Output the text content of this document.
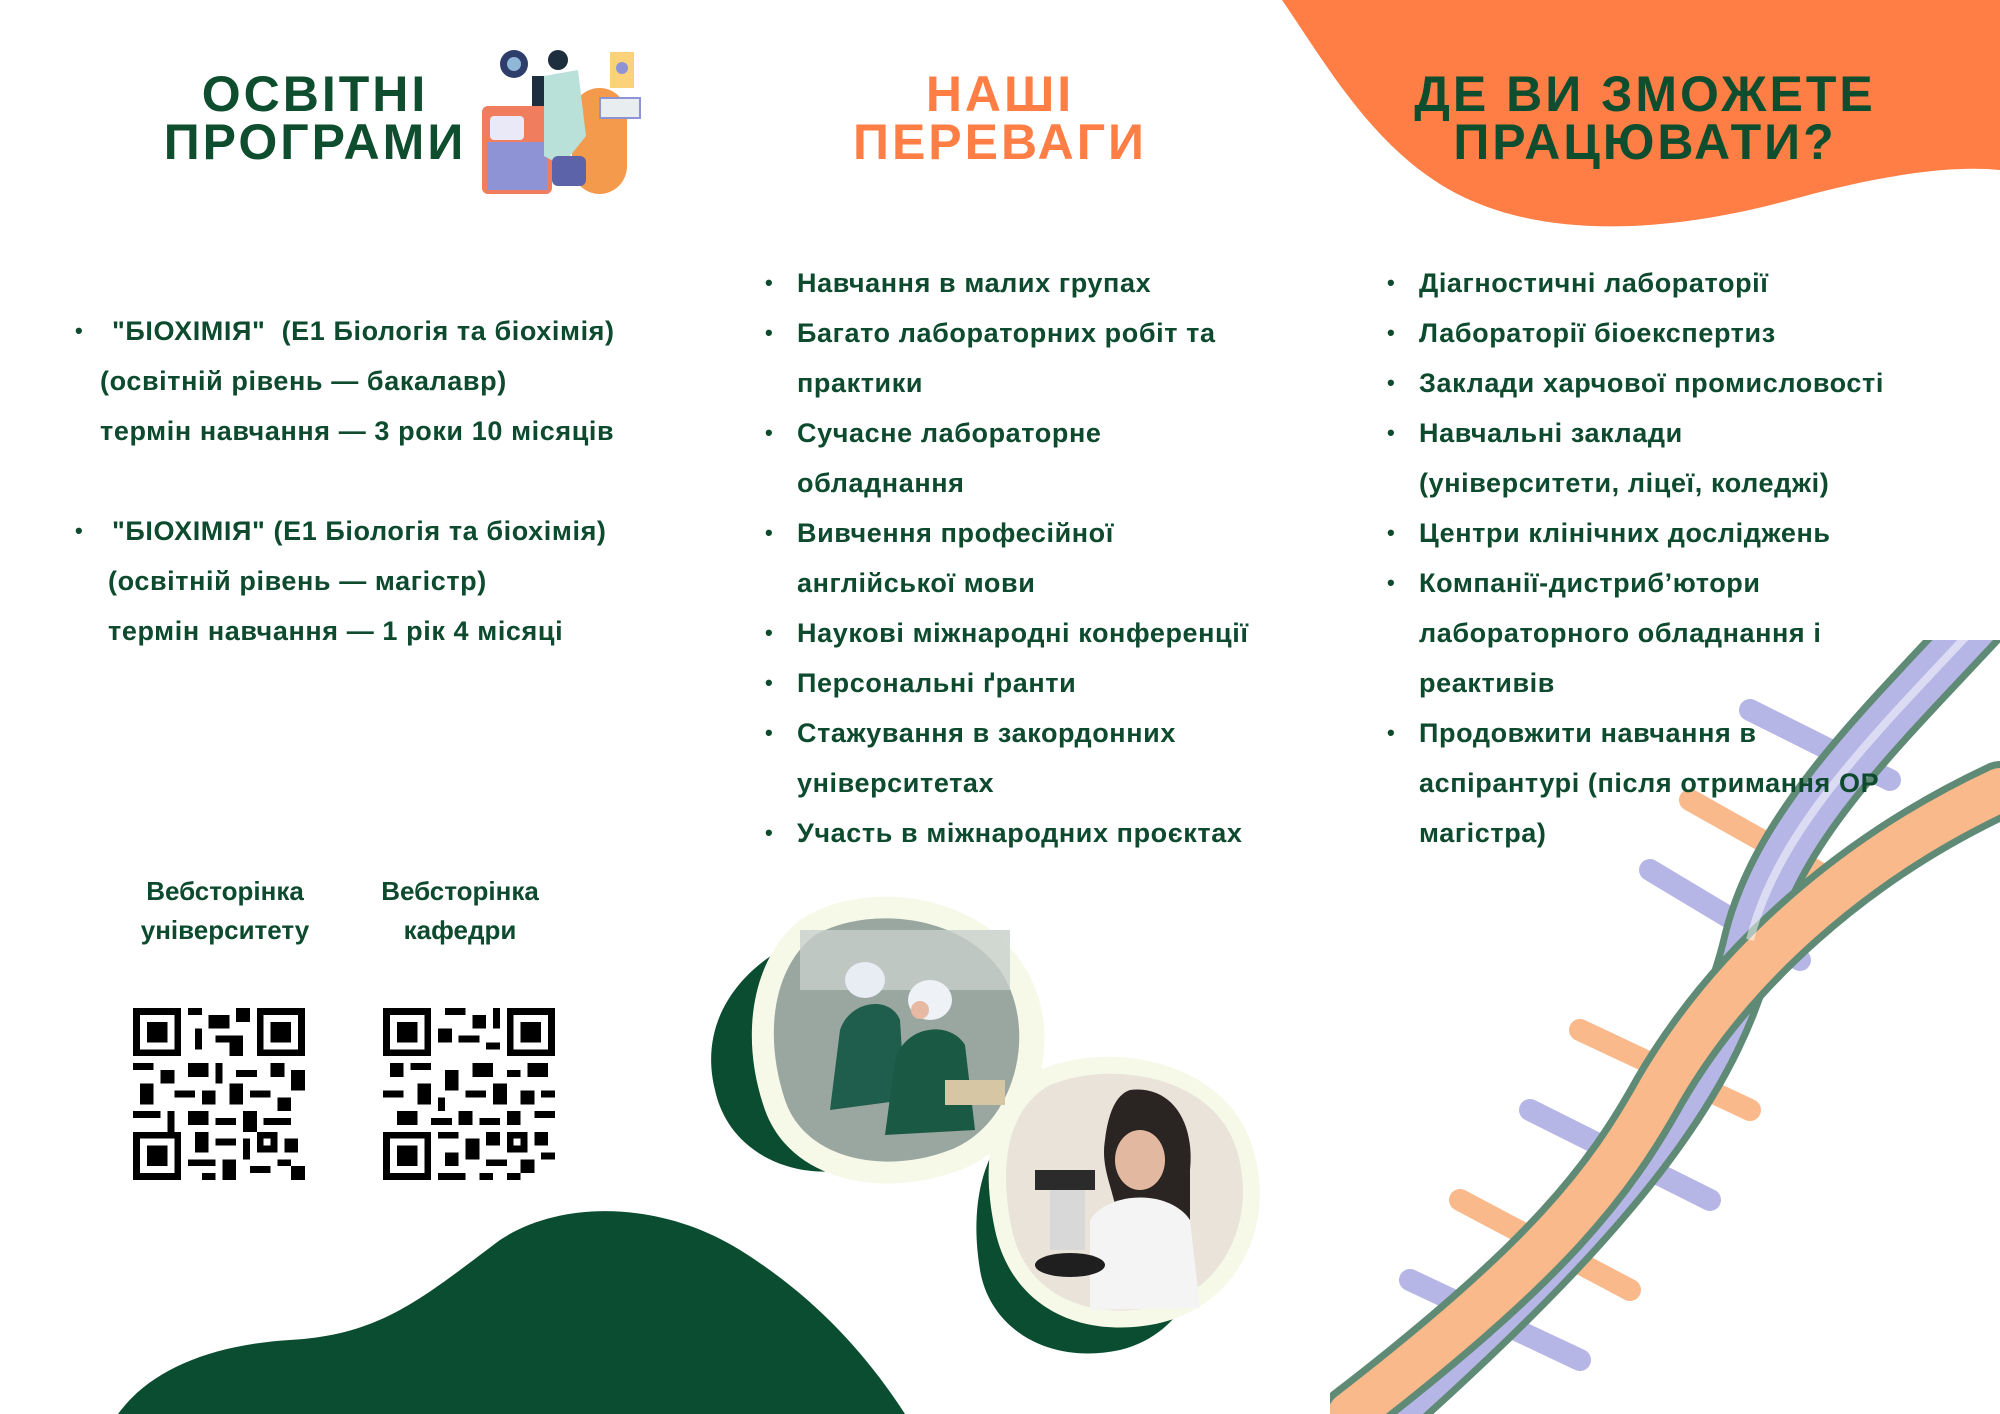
ОСВІТНІ
ПРОГРАМИ
•	"БІОХІМІЯ"  (Е1 Біологія та біохімія)
(освітній рівень — бакалавр)
термін навчання — 3 роки 10 місяців
•	"БІОХІМІЯ" (Е1 Біологія та біохімія)
(освітній рівень — магістр)
термін навчання — 1 рік 4 місяці
Вебсторінка
університету
Вебсторінка
кафедри
НАШІ
ПЕРЕВАГИ
• Навчання в малих групах
• Багато лабораторних робіт та
практики
• Сучасне лабораторне
обладнання
• Вивчення професійної
англійської мови
• Наукові міжнародні конференції
• Персональні ґранти
• Стажування в закордонних
університетах
• Участь в міжнародних проєктах
ДЕ ВИ ЗМОЖЕТЕ
ПРАЦЮВАТИ?
• Діагностичні лабораторії
• Лабораторії біоекспертиз
• Заклади харчової промисловості
• Навчальні заклади
(університети, ліцеї, коледжі)
• Центри клінічних досліджень
• Компанії-дистриб’ютори
лабораторного обладнання і
реактивів
• Продовжити навчання в
аспірантурі (після отримання ОР
магістра)
